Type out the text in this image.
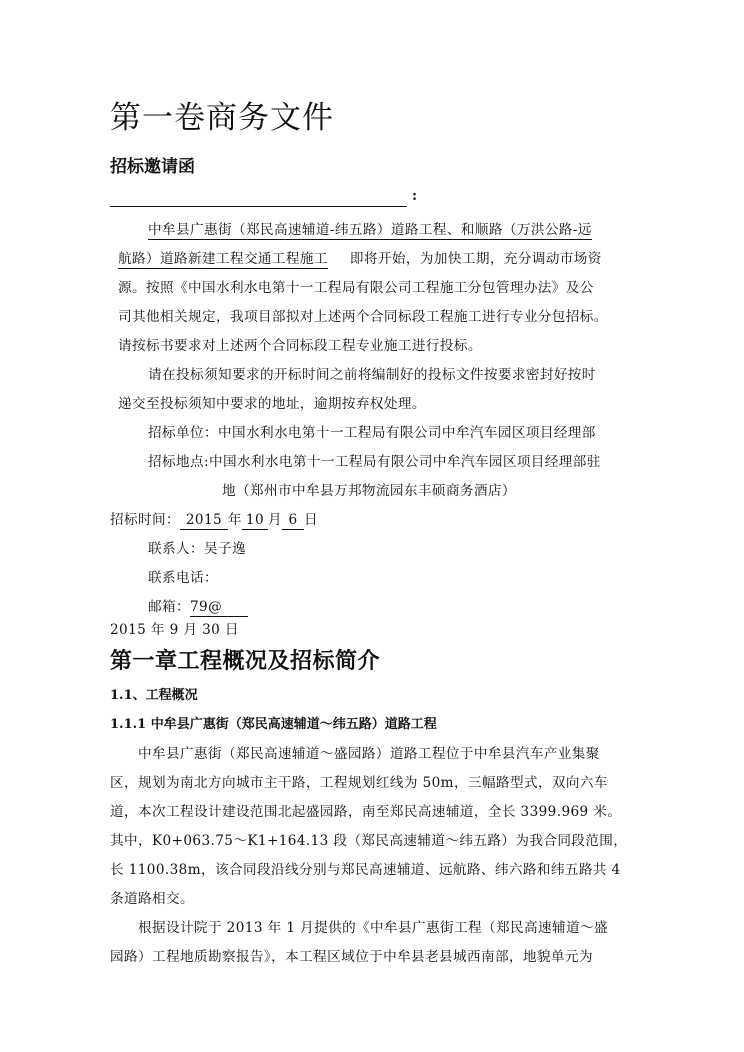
第一卷商务文件
招标邀请函
:
中牟县广惠街（郑民高速辅道-纬五路）道路工程、和顺路（万洪公路-远
航路）道路新建工程交通工程施工 即将开始，为加快工期，充分调动市场资
源。按照《中国水利水电第十一工程局有限公司工程施工分包管理办法》及公
司其他相关规定，我项目部拟对上述两个合同标段工程施工进行专业分包招标。
请按标书要求对上述两个合同标段工程专业施工进行投标。
请在投标须知要求的开标时间之前将编制好的投标文件按要求密封好按时
递交至投标须知中要求的地址，逾期按弃权处理。
招标单位：中国水利水电第十一工程局有限公司中牟汽车园区项目经理部
招标地点:中国水利水电第十一工程局有限公司中牟汽车园区项目经理部驻
地（郑州市中牟县万邦物流园东丰硕商务酒店）
招标时间： 2015 年 10 月 6 日
联系人：吴子逸
联系电话：
邮箱：79@
2015 年 9 月 30 日
第一章工程概况及招标简介
1.1、工程概况
1.1.1 中牟县广惠街（郑民高速辅道～纬五路）道路工程
中牟县广惠街（郑民高速辅道～盛园路）道路工程位于中牟县汽车产业集聚
区，规划为南北方向城市主干路，工程规划红线为 50m，三幅路型式，双向六车
道，本次工程设计建设范围北起盛园路，南至郑民高速辅道，全长 3399.969 米。
其中，K0+063.75～K1+164.13 段（郑民高速辅道～纬五路）为我合同段范围，
长 1100.38m，该合同段沿线分别与郑民高速辅道、远航路、纬六路和纬五路共 4
条道路相交。
根据设计院于 2013 年 1 月提供的《中牟县广惠街工程（郑民高速辅道～盛
园路）工程地质勘察报告》，本工程区域位于中牟县老县城西南部，地貌单元为
